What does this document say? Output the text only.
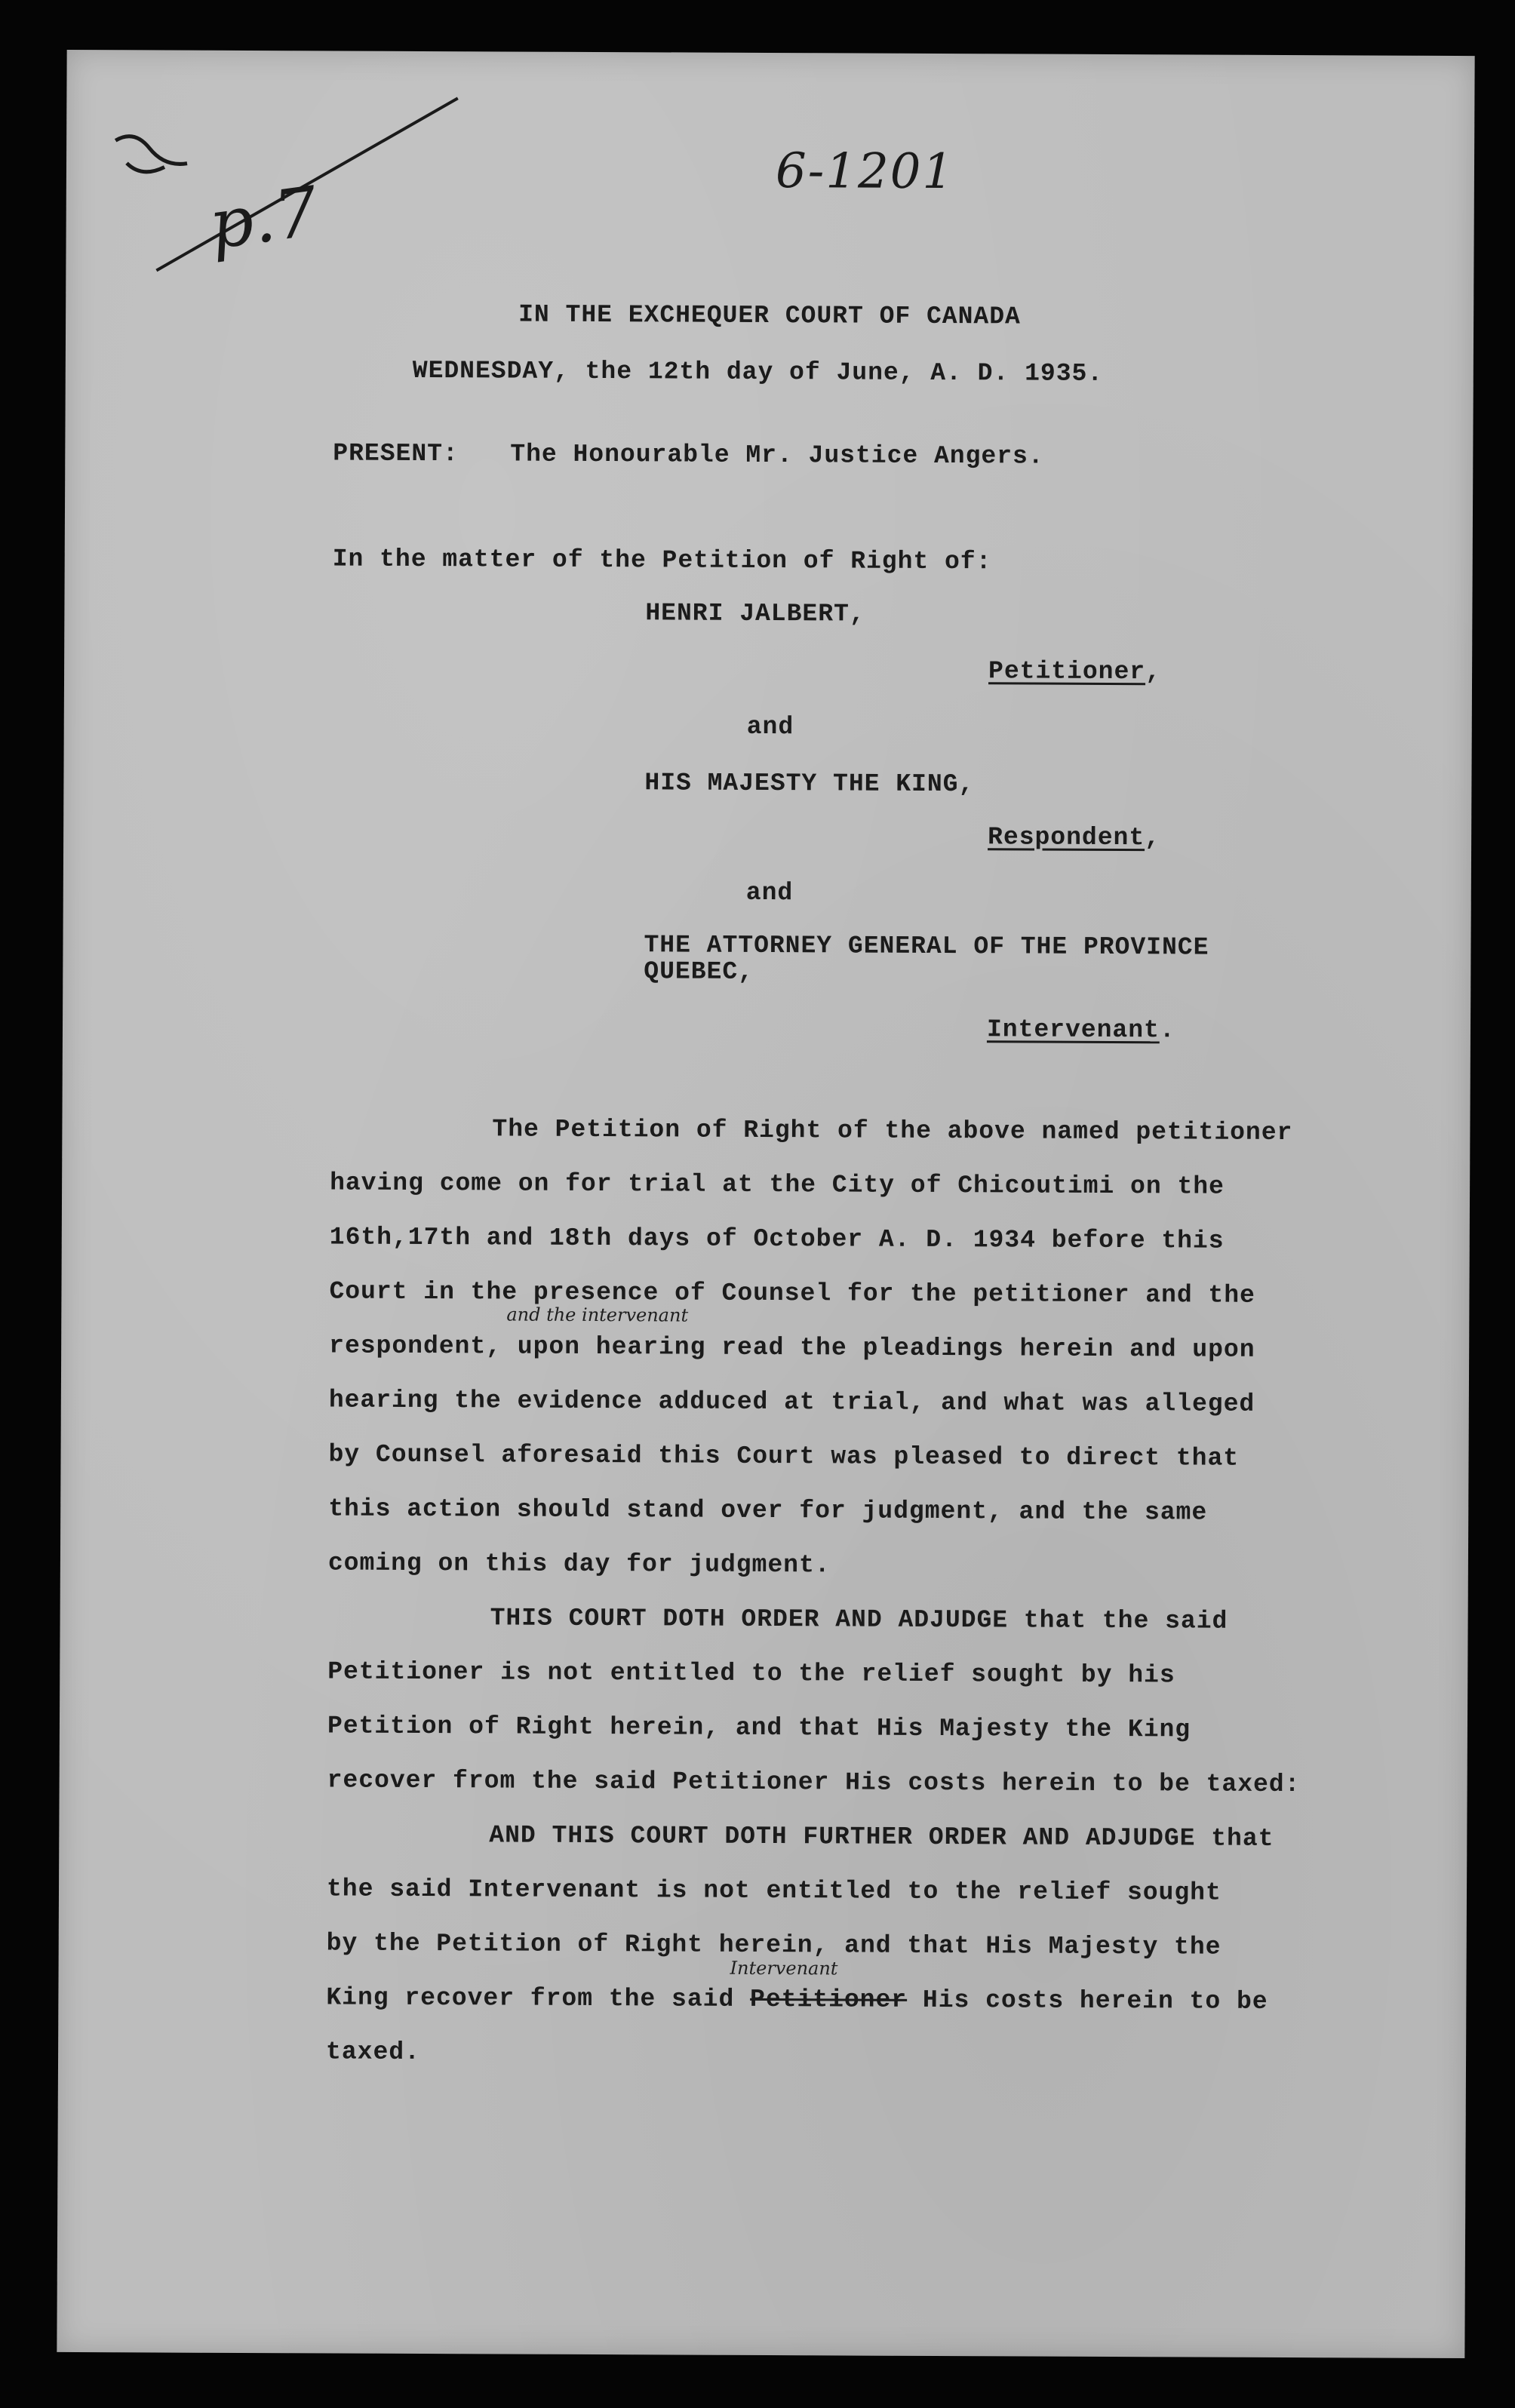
6-1201
p.7
IN THE EXCHEQUER COURT OF CANADA
WEDNESDAY, the 12th day of June, A. D. 1935.
PRESENT: The Honourable Mr. Justice Angers.
In the matter of the Petition of Right of:
HENRI JALBERT,
Petitioner,
and
HIS MAJESTY THE KING,
Respondent,
and
THE ATTORNEY GENERAL OF THE PROVINCE
QUEBEC,
Intervenant.
The Petition of Right of the above named petitioner
having come on for trial at the City of Chicoutimi on the
16th,17th and 18th days of October A. D. 1934 before this
Court in the presence of Counsel for the petitioner and the
and the intervenant
respondent, upon hearing read the pleadings herein and upon
hearing the evidence adduced at trial, and what was alleged
by Counsel aforesaid this Court was pleased to direct that
this action should stand over for judgment, and the same
coming on this day for judgment.
THIS COURT DOTH ORDER AND ADJUDGE that the said
Petitioner is not entitled to the relief sought by his
Petition of Right herein, and that His Majesty the King
recover from the said Petitioner His costs herein to be taxed:
AND THIS COURT DOTH FURTHER ORDER AND ADJUDGE that
the said Intervenant is not entitled to the relief sought
by the Petition of Right herein, and that His Majesty the
Intervenant
King recover from the said Petitioner His costs herein to be
taxed.
